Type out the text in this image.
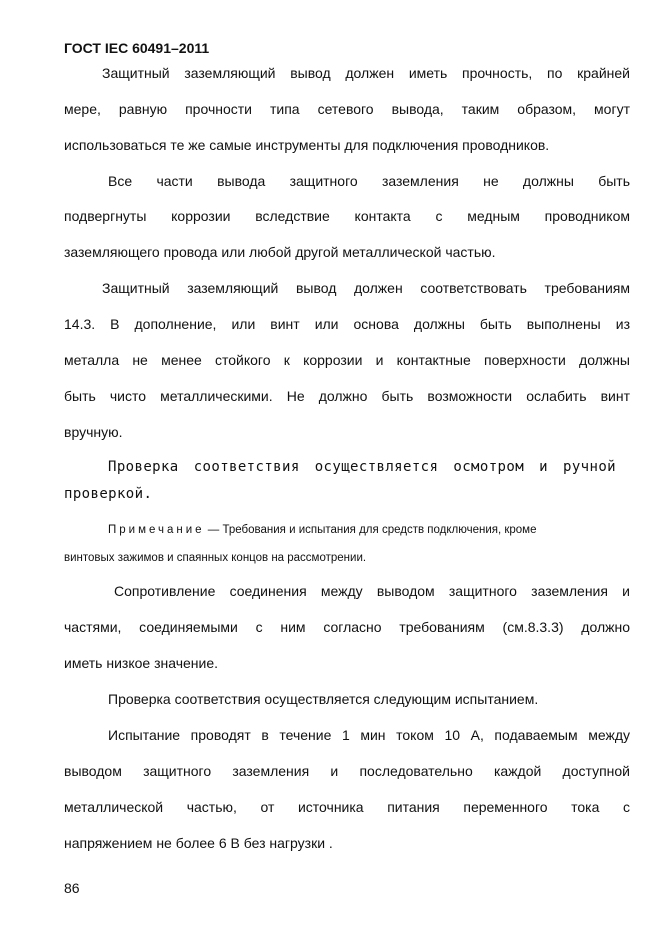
ГОСТ IEC 60491–2011
Защитный заземляющий вывод должен иметь прочность, по крайней
мере, равную прочности типа сетевого вывода, таким образом, могут
использоваться те же самые инструменты для подключения проводников.
Все части вывода защитного заземления не должны быть
подвергнуты коррозии вследствие контакта с медным проводником
заземляющего провода или любой другой металлической частью.
Защитный заземляющий вывод должен соответствовать требованиям
14.3. В дополнение, или винт или основа должны быть выполнены из
металла не менее стойкого к коррозии и контактные поверхности должны
быть чисто металлическими. Не должно быть возможности ослабить винт
вручную.
Проверка соответствия осуществляется осмотром и ручной
проверкой.
Примечание — Требования и испытания для средств подключения, кроме
винтовых зажимов и спаянных концов на рассмотрении.
Сопротивление соединения между выводом защитного заземления и
частями, соединяемыми с ним согласно требованиям (см.8.3.3) должно
иметь низкое значение.
Проверка соответствия осуществляется следующим испытанием.
Испытание проводят в течение 1 мин током 10 А, подаваемым между
выводом защитного заземления и последовательно каждой доступной
металлической частью, от источника питания переменного тока с
напряжением не более 6 В без нагрузки .
86
